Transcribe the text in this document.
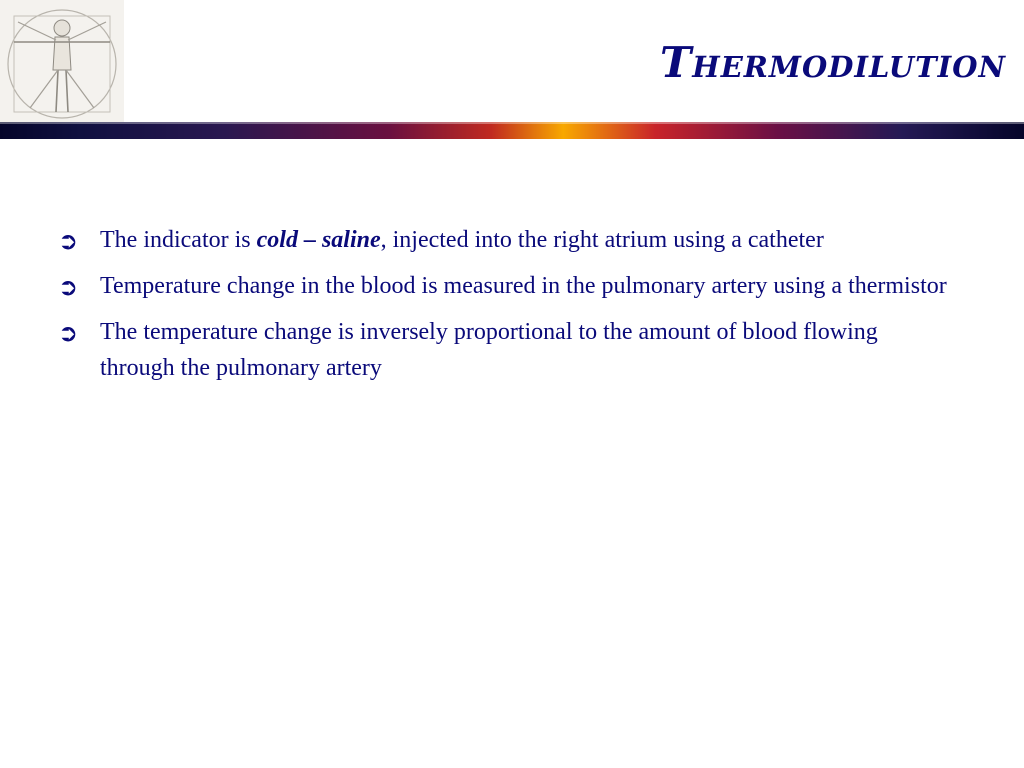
Thermodilution
➲ The indicator is cold – saline, injected into the right atrium using a catheter
➲ Temperature change in the blood is measured in the pulmonary artery using a thermistor
➲ The temperature change is inversely proportional to the amount of blood flowing through the pulmonary artery
